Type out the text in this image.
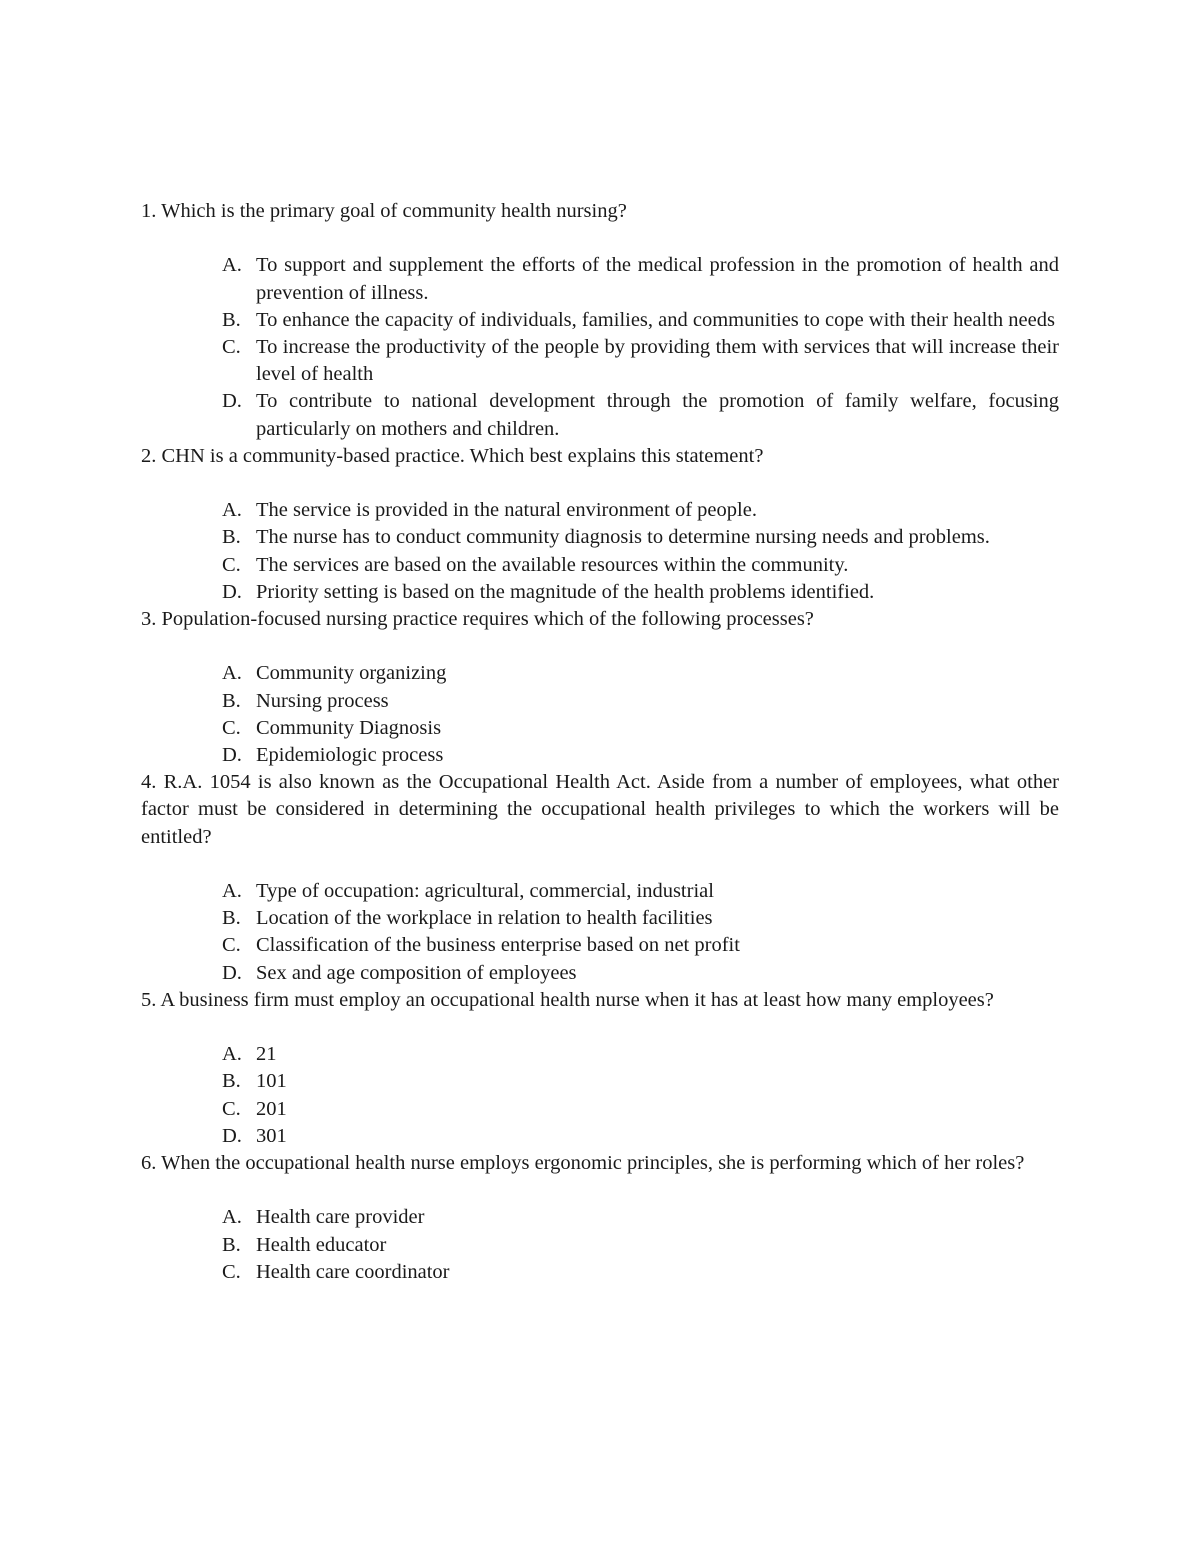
1. Which is the primary goal of community health nursing?

A. To support and supplement the efforts of the medical profession in the promotion of health and prevention of illness.
B. To enhance the capacity of individuals, families, and communities to cope with their health needs
C. To increase the productivity of the people by providing them with services that will increase their level of health
D. To contribute to national development through the promotion of family welfare, focusing particularly on mothers and children.

2. CHN is a community-based practice. Which best explains this statement?

A. The service is provided in the natural environment of people.
B. The nurse has to conduct community diagnosis to determine nursing needs and problems.
C. The services are based on the available resources within the community.
D. Priority setting is based on the magnitude of the health problems identified.

3. Population-focused nursing practice requires which of the following processes?

A. Community organizing
B. Nursing process
C. Community Diagnosis
D. Epidemiologic process

4. R.A. 1054 is also known as the Occupational Health Act. Aside from a number of employees, what other factor must be considered in determining the occupational health privileges to which the workers will be entitled?

A. Type of occupation: agricultural, commercial, industrial
B. Location of the workplace in relation to health facilities
C. Classification of the business enterprise based on net profit
D. Sex and age composition of employees

5. A business firm must employ an occupational health nurse when it has at least how many employees?

A. 21
B. 101
C. 201
D. 301

6. When the occupational health nurse employs ergonomic principles, she is performing which of her roles?

A. Health care provider
B. Health educator
C. Health care coordinator
